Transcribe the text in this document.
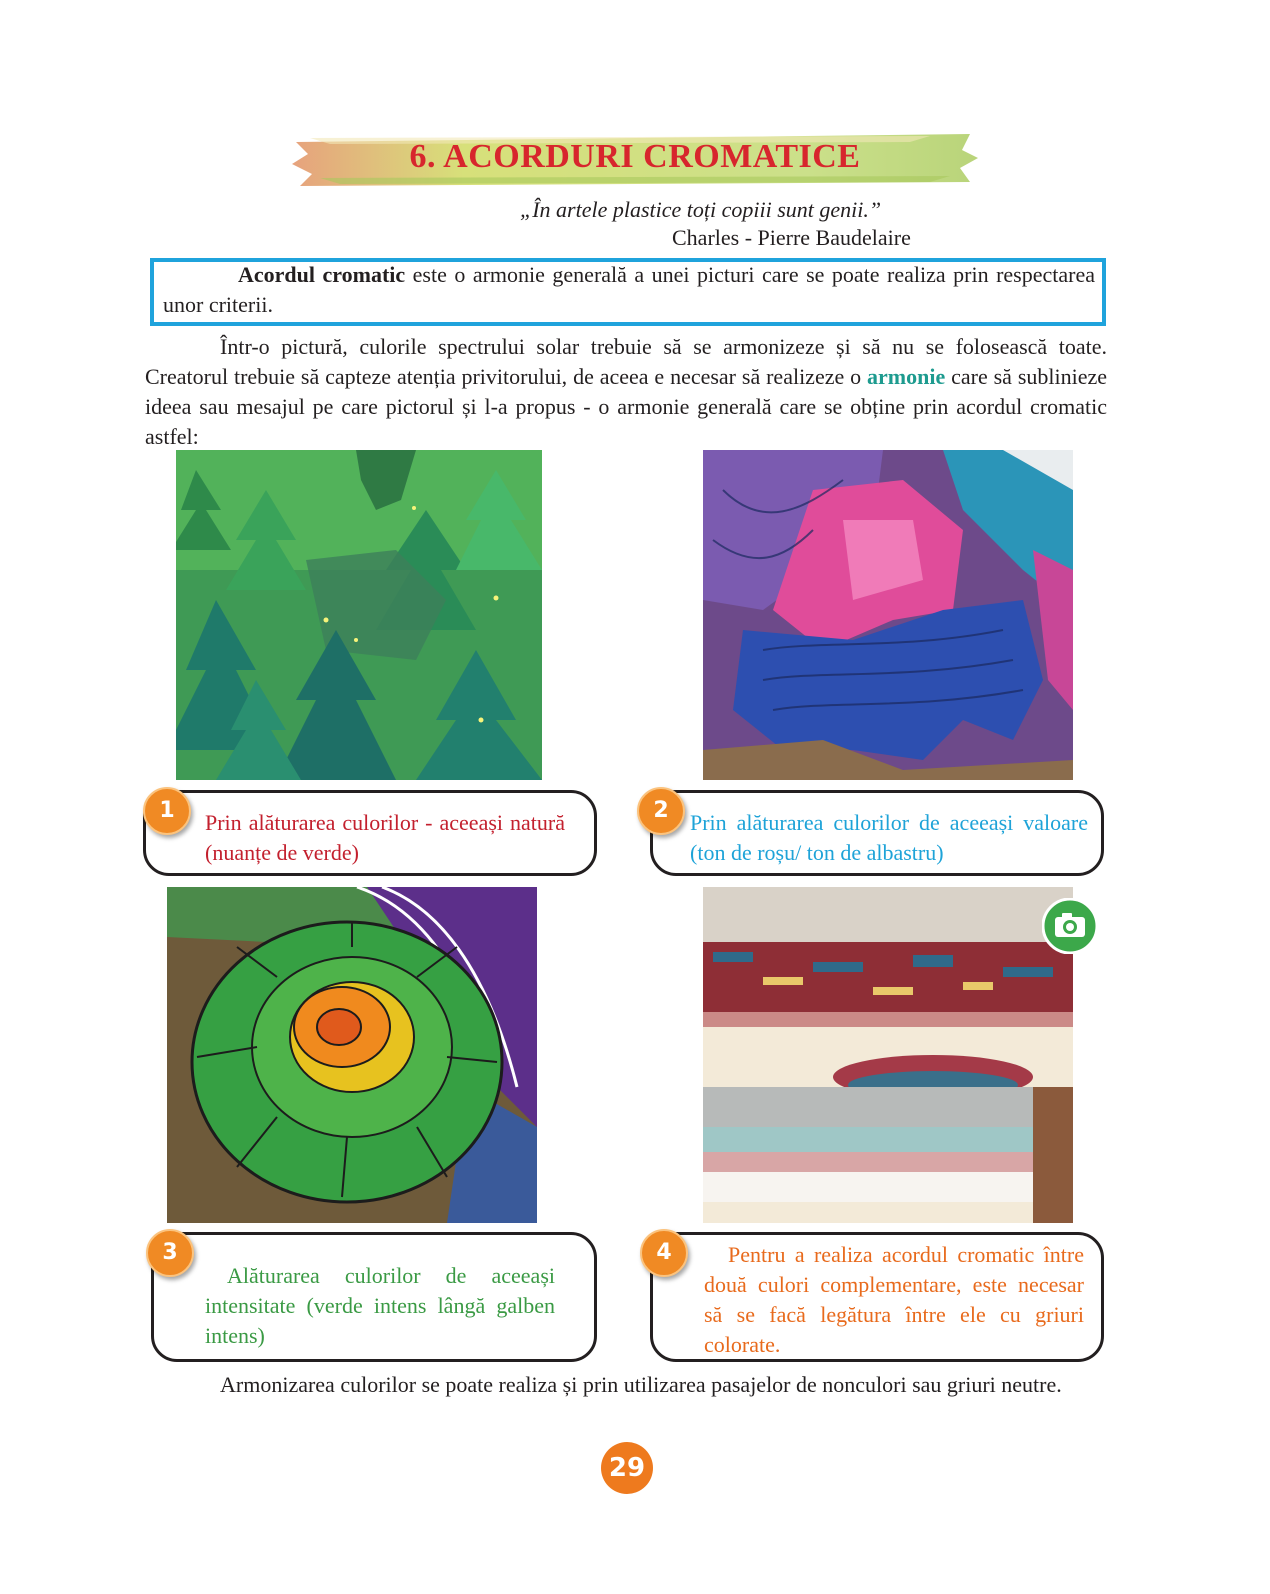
6. ACORDURI CROMATICE
„În artele plastice toți copiii sunt genii.”
Charles - Pierre Baudelaire
Acordul cromatic este o armonie generală a unei picturi care se poate realiza prin respectarea unor criterii.
Într-o pictură, culorile spectrului solar trebuie să se armonizeze și să nu se folosească toate. Creatorul trebuie să capteze atenția privitorului, de aceea e necesar să realizeze o armonie care să sublinieze ideea sau mesajul pe care pictorul și l-a propus - o armonie generală care se obține prin acordul cromatic astfel:
1	Prin alăturarea culorilor - aceeași natură (nuanțe de verde)
2 Prin alăturarea culorilor de aceeași valoare (ton de roșu/ ton de albastru)
3
Alăturarea culorilor de aceeași intensitate (verde intens lângă galben intens)
4	Pentru a realiza acordul cromatic între două culori complementare, este necesar să se facă legătura între ele cu griuri colorate.
Armonizarea culorilor se poate realiza și prin utilizarea pasajelor de nonculori sau griuri neutre.
29
